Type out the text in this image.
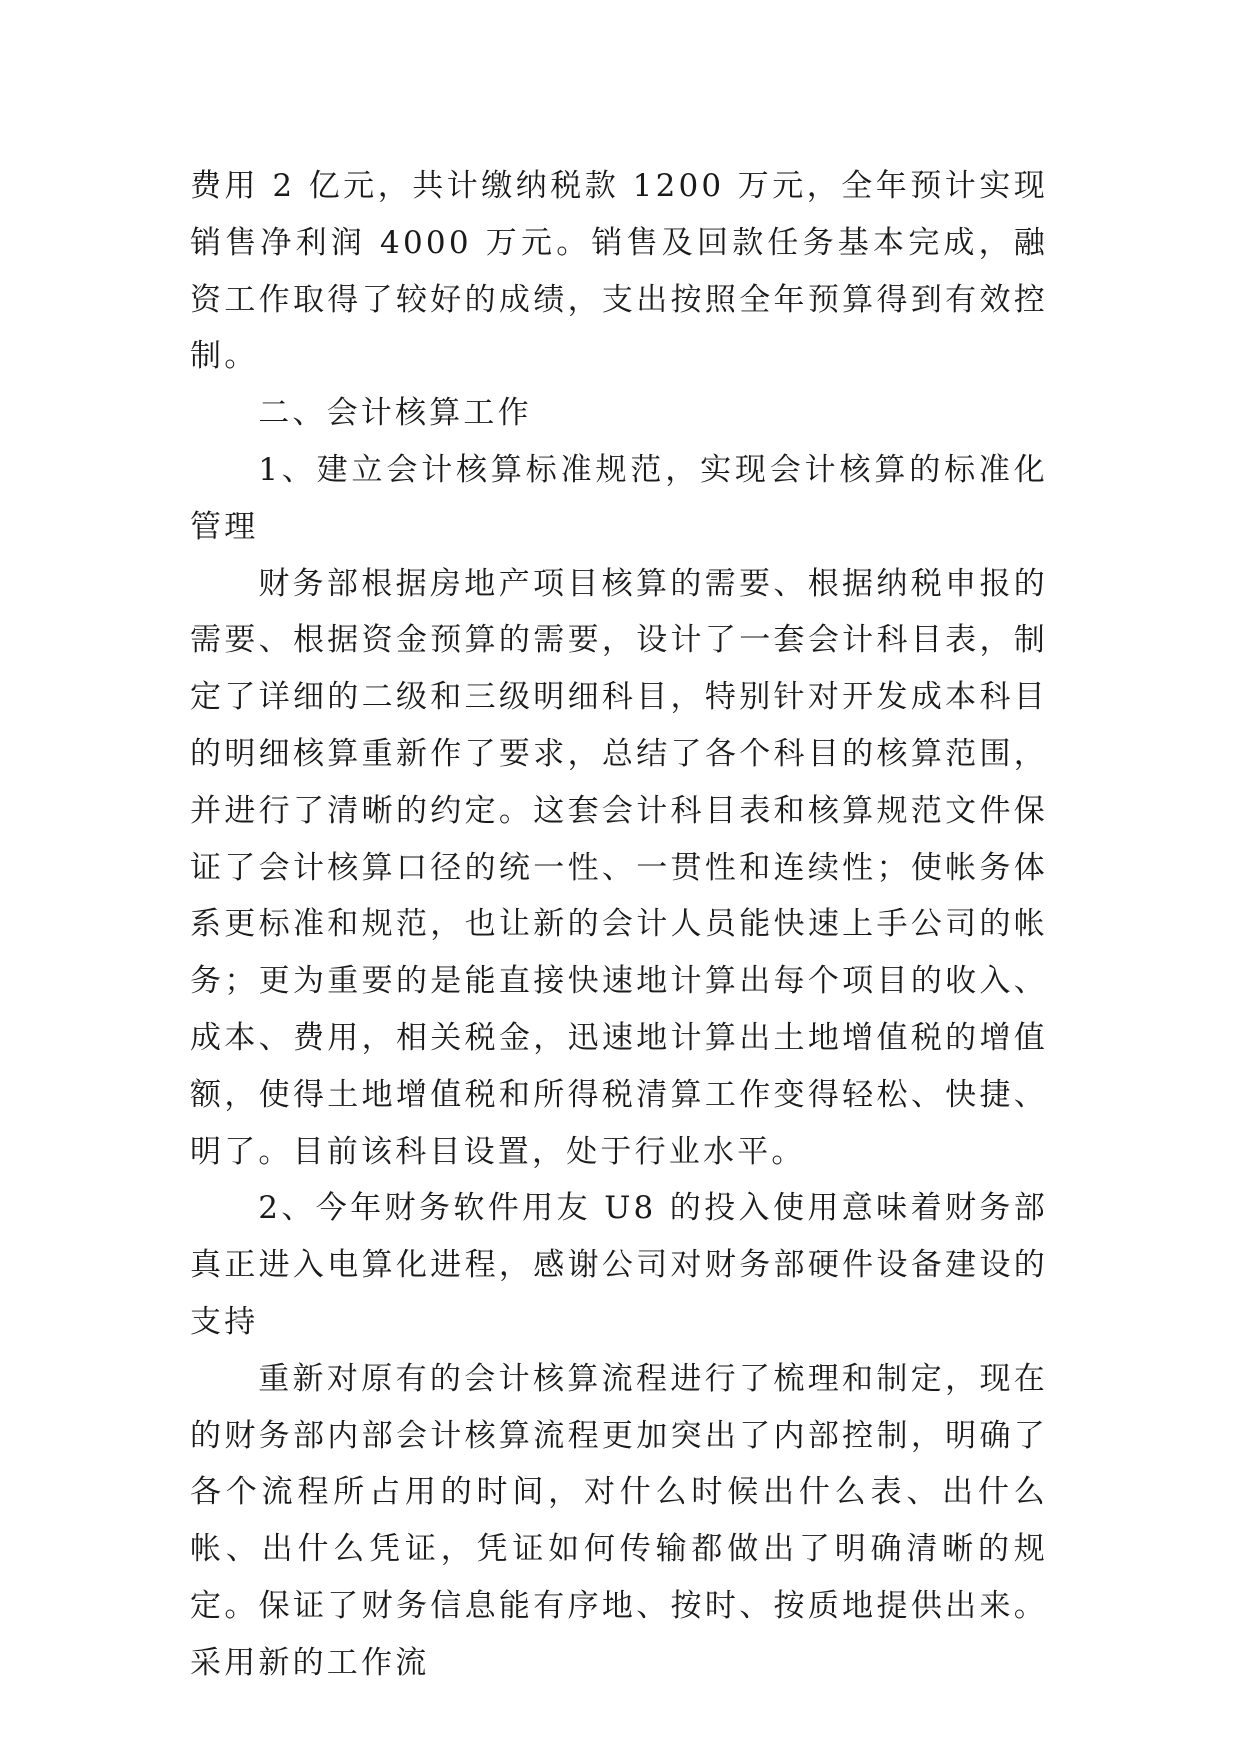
费用 2 亿元，共计缴纳税款 1200 万元，全年预计实现销售净利润 4000 万元。销售及回款任务基本完成，融资工作取得了较好的成绩，支出按照全年预算得到有效控制。

二、会计核算工作

1、建立会计核算标准规范，实现会计核算的标准化管理

财务部根据房地产项目核算的需要、根据纳税申报的需要、根据资金预算的需要，设计了一套会计科目表，制定了详细的二级和三级明细科目，特别针对开发成本科目的明细核算重新作了要求，总结了各个科目的核算范围，并进行了清晰的约定。这套会计科目表和核算规范文件保证了会计核算口径的统一性、一贯性和连续性；使帐务体系更标准和规范，也让新的会计人员能快速上手公司的帐务；更为重要的是能直接快速地计算出每个项目的收入、成本、费用，相关税金，迅速地计算出土地增值税的增值额，使得土地增值税和所得税清算工作变得轻松、快捷、明了。目前该科目设置，处于行业水平。

2、今年财务软件用友 U8 的投入使用意味着财务部真正进入电算化进程，感谢公司对财务部硬件设备建设的支持

重新对原有的会计核算流程进行了梳理和制定，现在的财务部内部会计核算流程更加突出了内部控制，明确了各个流程所占用的时间，对什么时候出什么表、出什么帐、出什么凭证，凭证如何传输都做出了明确清晰的规定。保证了财务信息能有序地、按时、按质地提供出来。采用新的工作流
